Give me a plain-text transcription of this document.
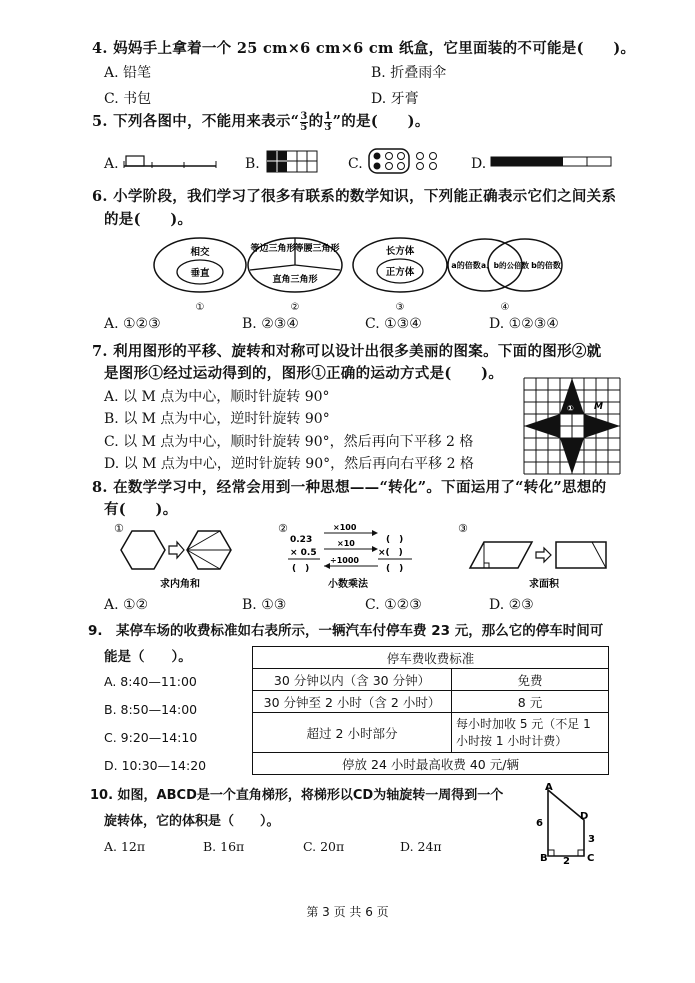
4. 妈妈手上拿着一个 25 cm×6 cm×6 cm 纸盒，它里面装的不可能是(　　)。
A. 铅笔	B. 折叠雨伞
C. 书包	D. 牙膏
5. 下列各图中，不能用来表示“ $\frac{3}{5}$ 的 $\frac{1}{3}$ ”的是(　　)。
A.	B.	C.	D.
6. 小学阶段，我们学习了很多有联系的数学知识，下列能正确表示它们之间关系
的是(　　)。
相交
垂直
①
等边三角形
等腰三角形
直角三角形
②
长方体
正方体
③
a的倍数 a、b的公倍数 b的倍数
④
A. ①②③	B. ②③④	C. ①③④	D. ①②③④
7. 利用图形的平移、旋转和对称可以设计出很多美丽的图案。下面的图形②就
是图形①经过运动得到的，图形①正确的运动方式是(　　)。
A. 以 M 点为中心，顺时针旋转 90°
B. 以 M 点为中心，逆时针旋转 90°
C. 以 M 点为中心，顺时针旋转 90°，然后再向下平移 2 格
D. 以 M 点为中心，逆时针旋转 90°，然后再向右平移 2 格
① ② M
8. 在数学学习中，经常会用到一种思想——“转化”。下面运用了“转化”思想的
有(　　)。
①
求内角和
②
0.23
× 0.5
(　)
×100
×10
÷1000
(　)
×(　)
(　)
小数乘法
③
求面积
A. ①②	B. ①③	C. ①②③	D. ②③
9.　某停车场的收费标准如右表所示，一辆汽车付停车费 23 元，那么它的停车时间可
能是（　　）。
A. 8:40—11:00
B. 8:50—14:00
C. 9:20—14:10
D. 10:30—14:20
停车费收费标准	
30 分钟以内（含 30 分钟）	免费
30 分钟至 2 小时（含 2 小时）	8 元
超过 2 小时部分	每小时加收 5 元（不足 1 小时按 1 小时计费）
停放 24 小时最高收费 40 元/辆	
10. 如图，ABCD是一个直角梯形，将梯形以CD为轴旋转一周得到一个
旋转体，它的体积是（　　）。
A. 12π	B. 16π	C. 20π	D. 24π
A
B	C
D
6
2
3
第 3 页 共 6 页
